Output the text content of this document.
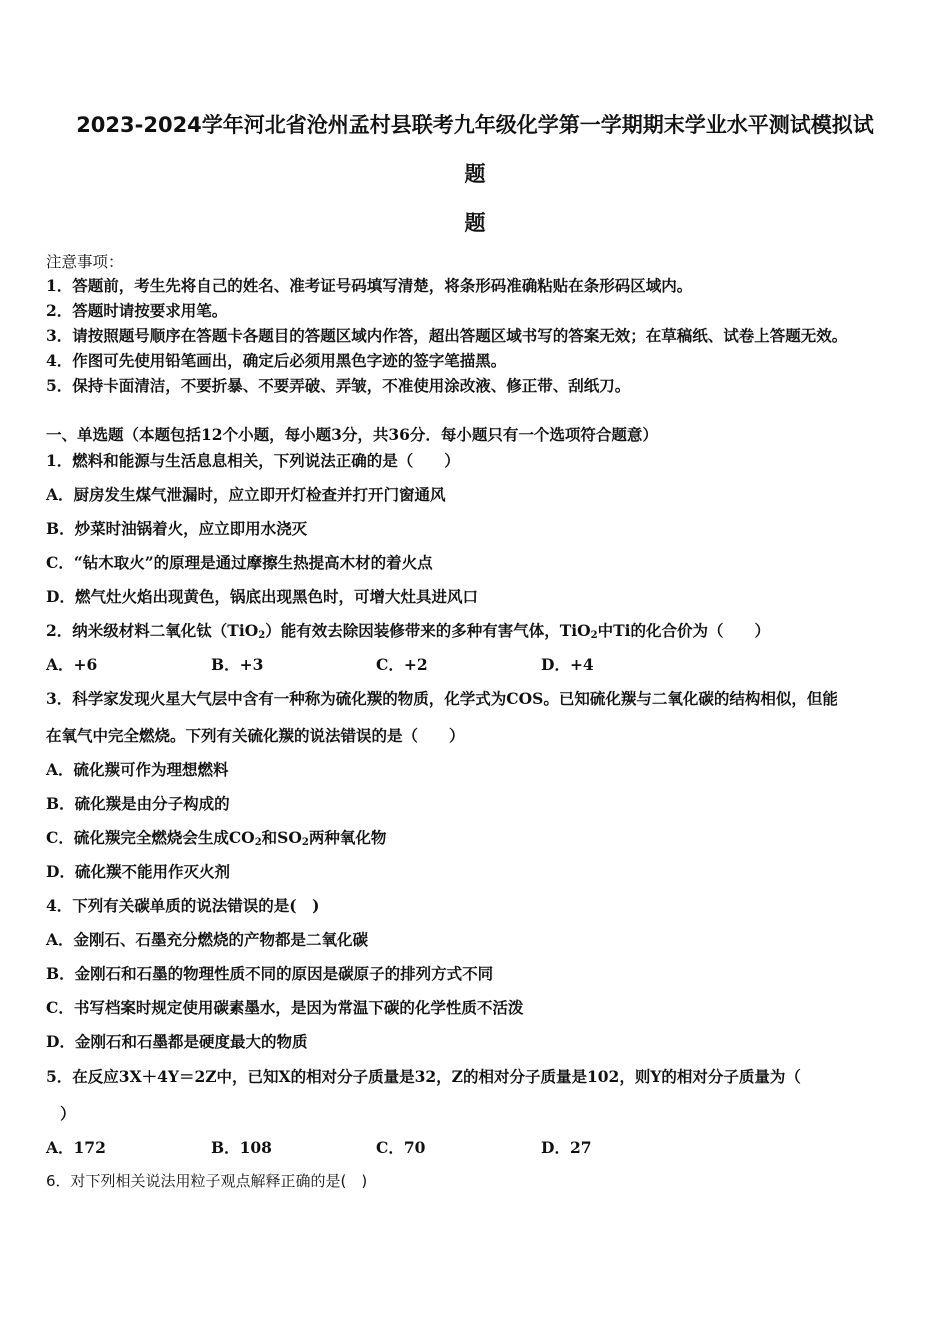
2023-2024学年河北省沧州孟村县联考九年级化学第一学期期末学业水平测试模拟试
题
题
注意事项：
1．答题前，考生先将自己的姓名、准考证号码填写清楚，将条形码准确粘贴在条形码区域内。
2．答题时请按要求用笔。
3．请按照题号顺序在答题卡各题目的答题区域内作答，超出答题区域书写的答案无效；在草稿纸、试卷上答题无效。
4．作图可先使用铅笔画出，确定后必须用黑色字迹的签字笔描黑。
5．保持卡面清洁，不要折暴、不要弄破、弄皱，不准使用涂改液、修正带、刮纸刀。
一、单选题（本题包括12个小题，每小题3分，共36分．每小题只有一个选项符合题意）
1．燃料和能源与生活息息相关，下列说法正确的是（　　）
A．厨房发生煤气泄漏时，应立即开灯检查并打开门窗通风
B．炒菜时油锅着火，应立即用水浇灭
C．“钻木取火”的原理是通过摩擦生热提高木材的着火点
D．燃气灶火焰出现黄色，锅底出现黑色时，可增大灶具进风口
2．纳米级材料二氧化钛（TiO$_2$）能有效去除因装修带来的多种有害气体，TiO$_2$中Ti的化合价为（　　）
A．+6	B．+3	C．+2	D．+4
3．科学家发现火星大气层中含有一种称为硫化羰的物质，化学式为COS。已知硫化羰与二氧化碳的结构相似，但能
在氧气中完全燃烧。下列有关硫化羰的说法错误的是（　　）
A．硫化羰可作为理想燃料
B．硫化羰是由分子构成的
C．硫化羰完全燃烧会生成$CO_2$和$SO_2$两种氧化物
D．硫化羰不能用作灭火剂
4．下列有关碳单质的说法错误的是(　)
A．金刚石、石墨充分燃烧的产物都是二氧化碳
B．金刚石和石墨的物理性质不同的原因是碳原子的排列方式不同
C．书写档案时规定使用碳素墨水，是因为常温下碳的化学性质不活泼
D．金刚石和石墨都是硬度最大的物质
5．在反应3X＋4Y＝2Z中，已知X的相对分子质量是32，Z的相对分子质量是102，则Y的相对分子质量为（
）
A．172	B．108	C．70	D．27
6．对下列相关说法用粒子观点解释正确的是(　)
